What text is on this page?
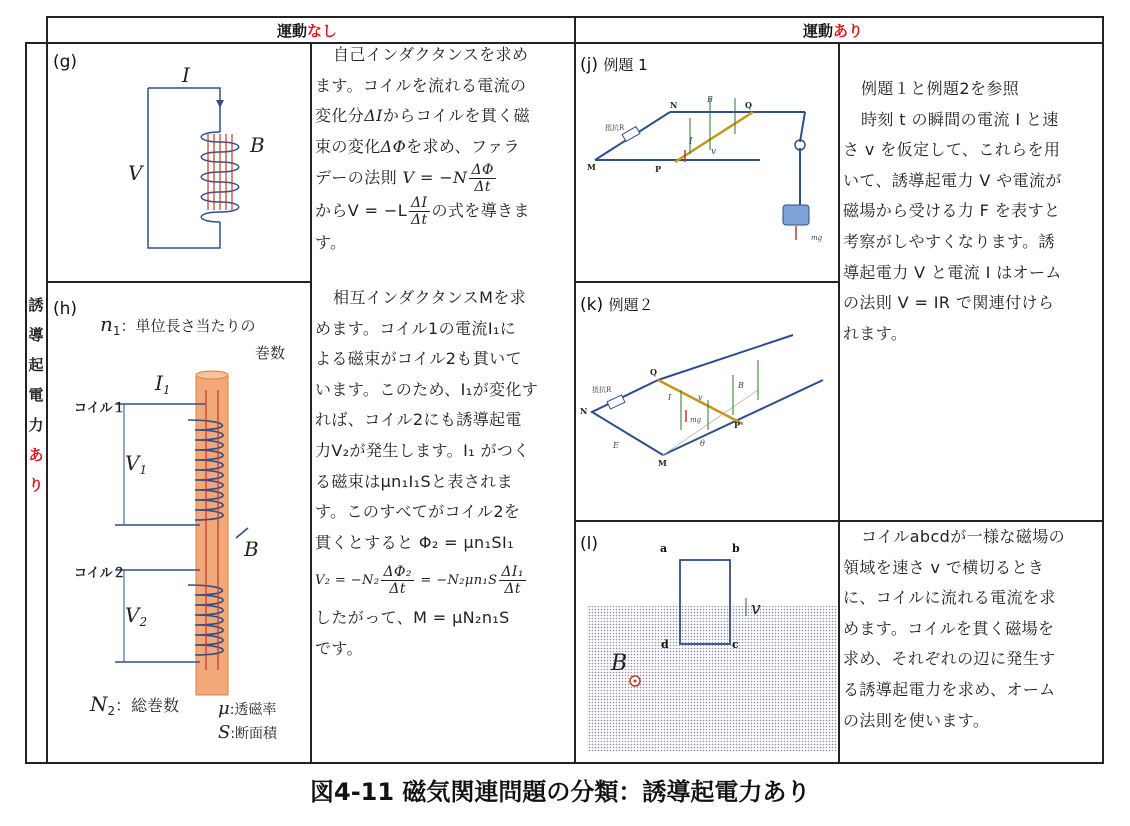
運動なし	運動あり
誘
導
起
電
力
あ
り
(g)
I
V
B
自己インダクタンスを求め
ます。コイルを流れる電流の
変化分ΔIからコイルを貫く磁
束の変化ΔΦを求め、ファラ
デーの法則 $V = -N \frac{\Delta\Phi}{\Delta t}$
から$V = -L \frac{\Delta I}{\Delta t}$ の式を導きま
す。
(h)
$n_1$：単位長さ当たりの
巻数
$I_1$
$V_1$
$V_2$
B
コイル１
コイル２
$N_2$：総巻数 μ:透磁率
S:断面積
相互インダクタンスMを求
めます。コイル1の電流I₁に
よる磁束がコイル2も貫いて
います。このため、I₁が変化す
れば、コイル2にも誘導起電
力V₂が発生します。I₁ がつく
る磁束はμn₁I₁Sと表されま
す。このすべてがコイル2を
貫くとすると Φ₂ = μn₁SI₁
$V_2 = -N_2 \frac{\text{ΔΦ₂}}{\Delta t} = -N_2\mu n_1S \frac{\text{ΔI₁}}{\Delta t}$
したがって、M = μN₂n₁S
です。
(j) 例題 1
抵抗R
N	Q
M	P
B
I
v
mg
(k) 例題２
抵抗R
Q
N
P
M
E
I	v
B
mg
θ
例題１と例題2を参照
時刻 t の瞬間の電流 I と速
さ v を仮定して、これらを用
いて、誘導起電力 V や電流が
磁場から受ける力 F を表すと
考察がしやすくなります。誘
導起電力 V と電流 I はオーム
の法則 V = IR で関連付けら
れます。
(l)	a	b
c
d
v
B
コイルabcdが一様な磁場の
領域を速さ v で横切るとき
に、コイルに流れる電流を求
めます。コイルを貫く磁場を
求め、それぞれの辺に発生す
る誘導起電力を求め、オーム
の法則を使います。
図4-11 磁気関連問題の分類：誘導起電力あり
